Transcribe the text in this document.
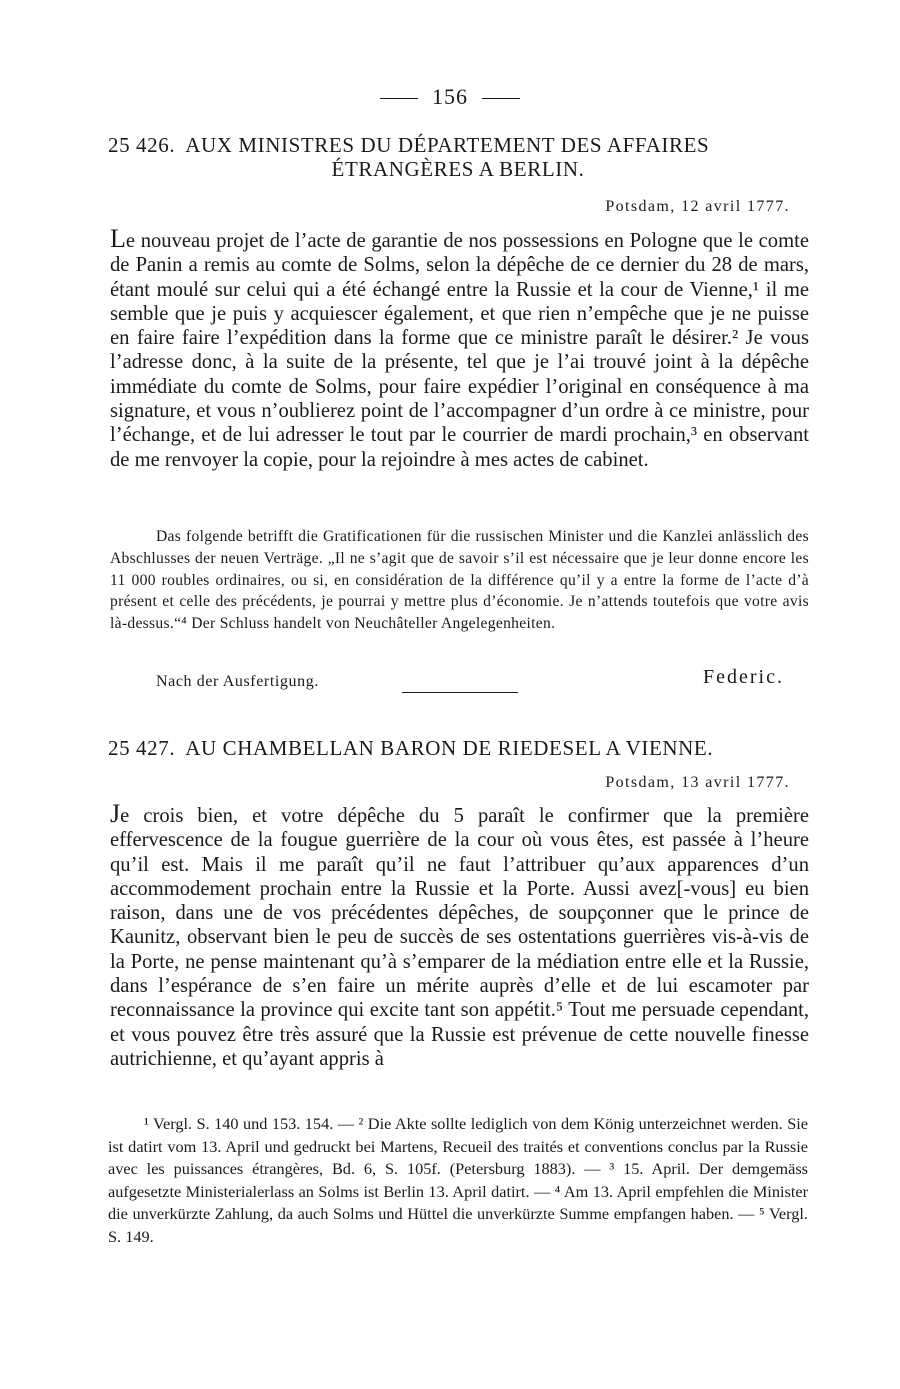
156
25 426. AUX MINISTRES DU DÉPARTEMENT DES AFFAIRES
ÉTRANGÈRES A BERLIN.
Potsdam, 12 avril 1777.

Le nouveau projet de l’acte de garantie de nos possessions en Pologne que le comte de Panin a remis au comte de Solms, selon la dépêche de ce dernier du 28 de mars, étant moulé sur celui qui a été échangé entre la Russie et la cour de Vienne,¹ il me semble que je puis y acquiescer également, et que rien n’empêche que je ne puisse en faire faire l’expédition dans la forme que ce ministre paraît le désirer.² Je vous l’adresse donc, à la suite de la présente, tel que je l’ai trouvé joint à la dépêche immédiate du comte de Solms, pour faire expédier l’original en conséquence à ma signature, et vous n’oublierez point de l’accompagner d’un ordre à ce ministre, pour l’échange, et de lui adresser le tout par le courrier de mardi prochain,³ en observant de me renvoyer la copie, pour la rejoindre à mes actes de cabinet.

Das folgende betrifft die Gratificationen für die russischen Minister und die Kanzlei anlässlich des Abschlusses der neuen Verträge. „Il ne s’agit que de savoir s’il est nécessaire que je leur donne encore les 11 000 roubles ordinaires, ou si, en considération de la différence qu’il y a entre la forme de l’acte d’à présent et celle des précédents, je pourrai y mettre plus d’économie. Je n’attends toutefois que votre avis là-dessus.“⁴ Der Schluss handelt von Neuchâteller Angelegenheiten.

Nach der Ausfertigung.	Federic.
25 427. AU CHAMBELLAN BARON DE RIEDESEL A VIENNE.
Potsdam, 13 avril 1777.

Je crois bien, et votre dépêche du 5 paraît le confirmer que la première effervescence de la fougue guerrière de la cour où vous êtes, est passée à l’heure qu’il est. Mais il me paraît qu’il ne faut l’attribuer qu’aux apparences d’un accommodement prochain entre la Russie et la Porte. Aussi avez[-vous] eu bien raison, dans une de vos précédentes dépêches, de soupçonner que le prince de Kaunitz, observant bien le peu de succès de ses ostentations guerrières vis-à-vis de la Porte, ne pense maintenant qu’à s’emparer de la médiation entre elle et la Russie, dans l’espérance de s’en faire un mérite auprès d’elle et de lui escamoter par reconnaissance la province qui excite tant son appétit.⁵ Tout me persuade cependant, et vous pouvez être très assuré que la Russie est prévenue de cette nouvelle finesse autrichienne, et qu’ayant appris à

¹ Vergl. S. 140 und 153. 154. — ² Die Akte sollte lediglich von dem König unterzeichnet werden. Sie ist datirt vom 13. April und gedruckt bei Martens, Recueil des traités et conventions conclus par la Russie avec les puissances étrangères, Bd. 6, S. 105f. (Petersburg 1883). — ³ 15. April. Der demgemäss aufgesetzte Ministerialerlass an Solms ist Berlin 13. April datirt. — ⁴ Am 13. April empfehlen die Minister die unverkürzte Zahlung, da auch Solms und Hüttel die unverkürzte Summe empfangen haben. — ⁵ Vergl. S. 149.
